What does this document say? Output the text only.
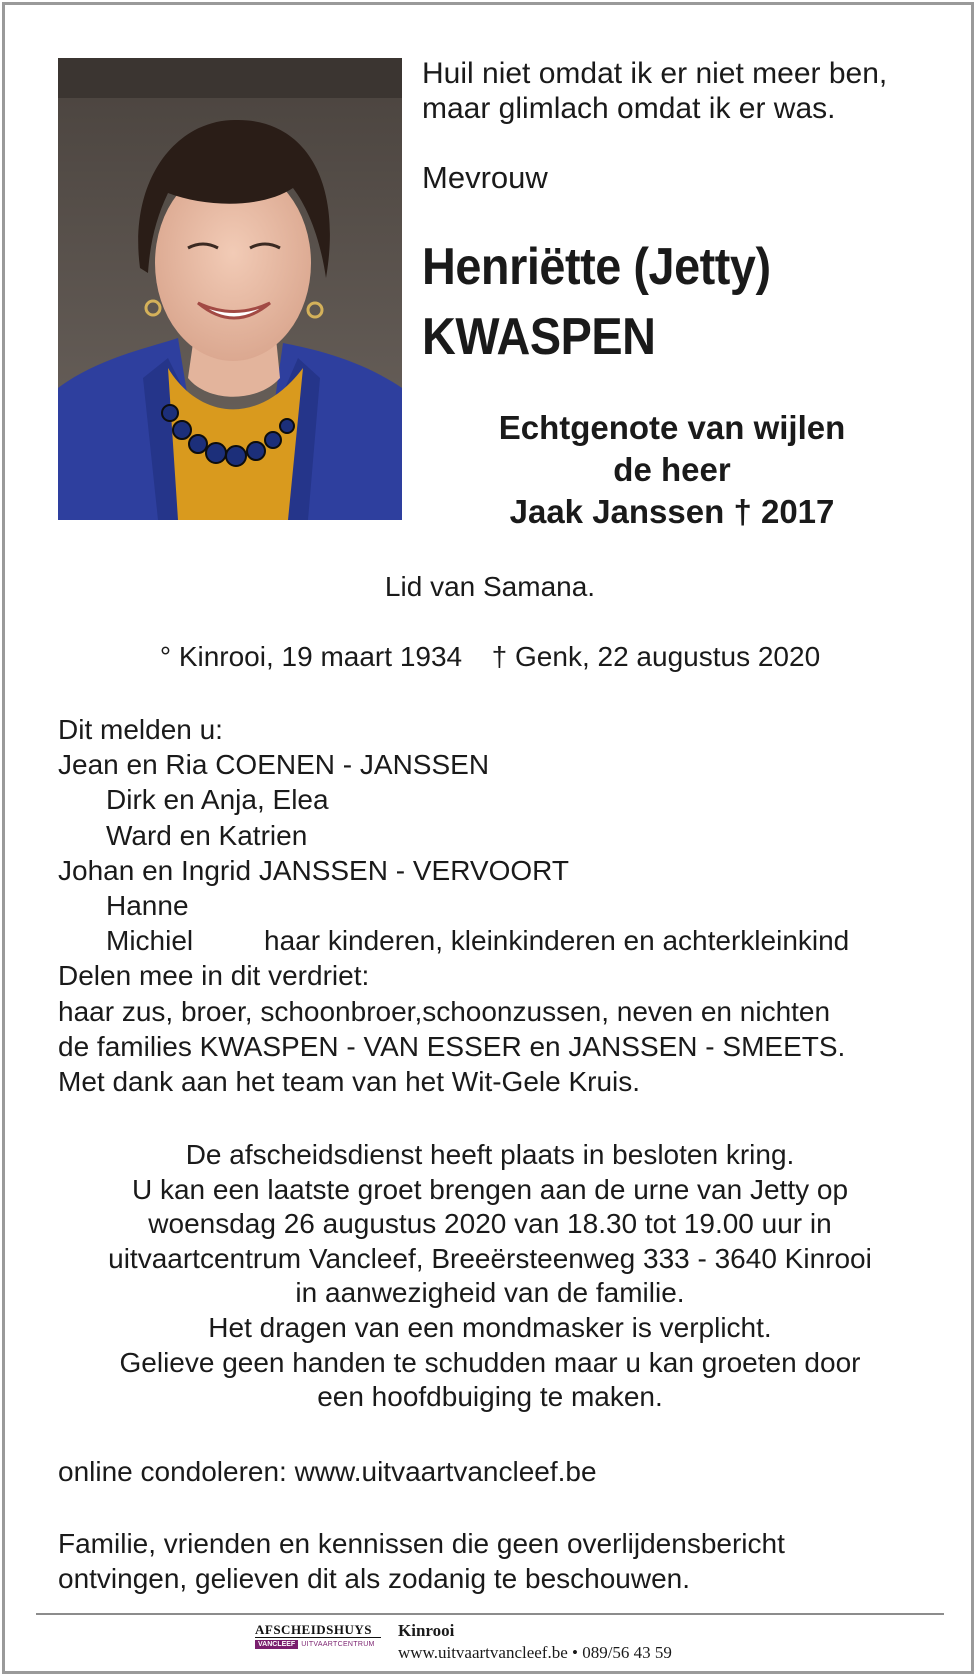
Huil niet omdat ik er niet meer ben,
maar glimlach omdat ik er was.
Mevrouw
Henriëtte (Jetty)
KWASPEN
Echtgenote van wijlen
de heer
Jaak Janssen † 2017
Lid van Samana.
° Kinrooi, 19 maart 1934 † Genk, 22 augustus 2020
Dit melden u:
Jean en Ria COENEN - JANSSEN
Dirk en Anja, Elea
Ward en Katrien
Johan en Ingrid JANSSEN - VERVOORT
Hanne
Michiel	haar kinderen, kleinkinderen en achterkleinkind
Delen mee in dit verdriet:
haar zus, broer, schoonbroer,schoonzussen, neven en nichten
de families KWASPEN - VAN ESSER en JANSSEN - SMEETS.
Met dank aan het team van het Wit-Gele Kruis.
De afscheidsdienst heeft plaats in besloten kring.
U kan een laatste groet brengen aan de urne van Jetty op
woensdag 26 augustus 2020 van 18.30 tot 19.00 uur in
uitvaartcentrum Vancleef, Breeërsteenweg 333 - 3640 Kinrooi
in aanwezigheid van de familie.
Het dragen van een mondmasker is verplicht.
Gelieve geen handen te schudden maar u kan groeten door
een hoofdbuiging te maken.
online condoleren: www.uitvaartvancleef.be
Familie, vrienden en kennissen die geen overlijdensbericht
ontvingen, gelieven dit als zodanig te beschouwen.
AFSCHEIDSHUYS
VANCLEEF UITVAARTCENTRUM
Kinrooi
www.uitvaartvancleef.be • 089/56 43 59
